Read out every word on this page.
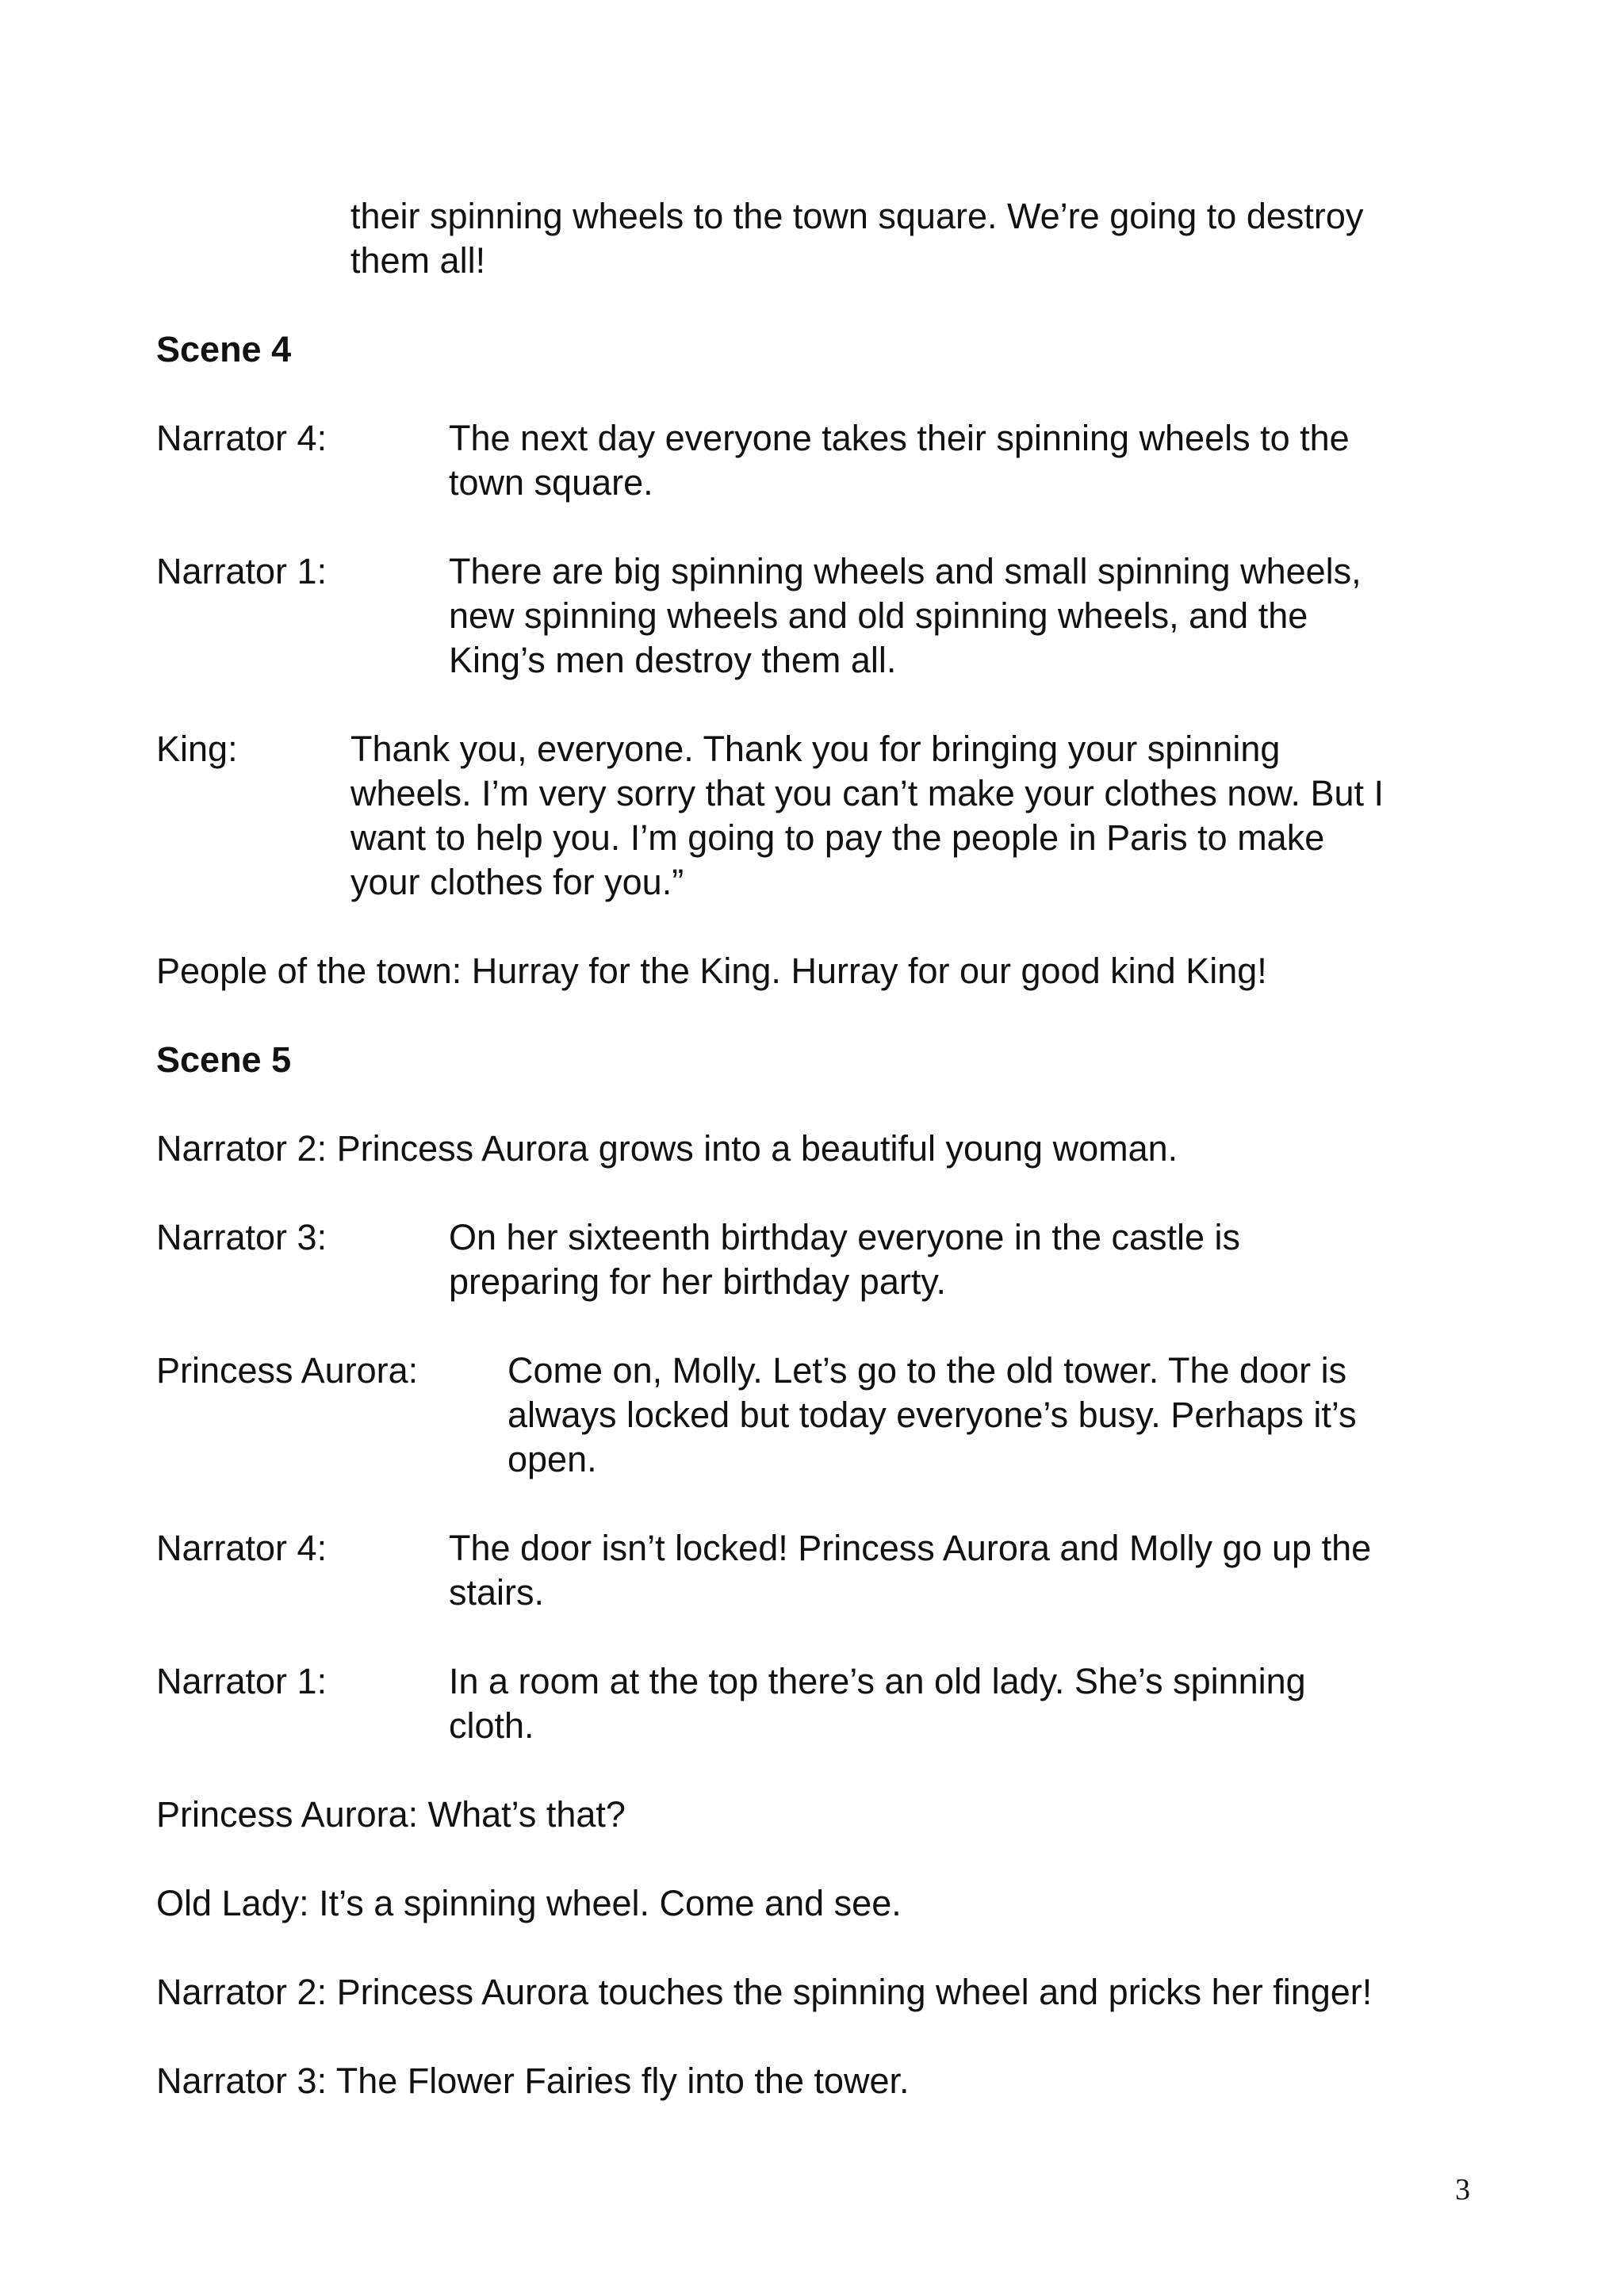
their spinning wheels to the town square. We’re going to destroy
them all!
Scene 4
Narrator 4:	The next day everyone takes their spinning wheels to the
town square.
Narrator 1:	There are big spinning wheels and small spinning wheels,
new spinning wheels and old spinning wheels, and the
King’s men destroy them all.
King:	Thank you, everyone. Thank you for bringing your spinning
wheels. I’m very sorry that you can’t make your clothes now. But I
want to help you. I’m going to pay the people in Paris to make
your clothes for you.”
People of the town: Hurray for the King. Hurray for our good kind King!
Scene 5
Narrator 2: Princess Aurora grows into a beautiful young woman.
Narrator 3:	On her sixteenth birthday everyone in the castle is
preparing for her birthday party.
Princess Aurora:	Come on, Molly. Let’s go to the old tower. The door is
always locked but today everyone’s busy. Perhaps it’s
open.
Narrator 4:	The door isn’t locked! Princess Aurora and Molly go up the
stairs.
Narrator 1:	In a room at the top there’s an old lady. She’s spinning
cloth.
Princess Aurora: What’s that?
Old Lady: It’s a spinning wheel. Come and see.
Narrator 2: Princess Aurora touches the spinning wheel and pricks her finger!
Narrator 3: The Flower Fairies fly into the tower.
3
